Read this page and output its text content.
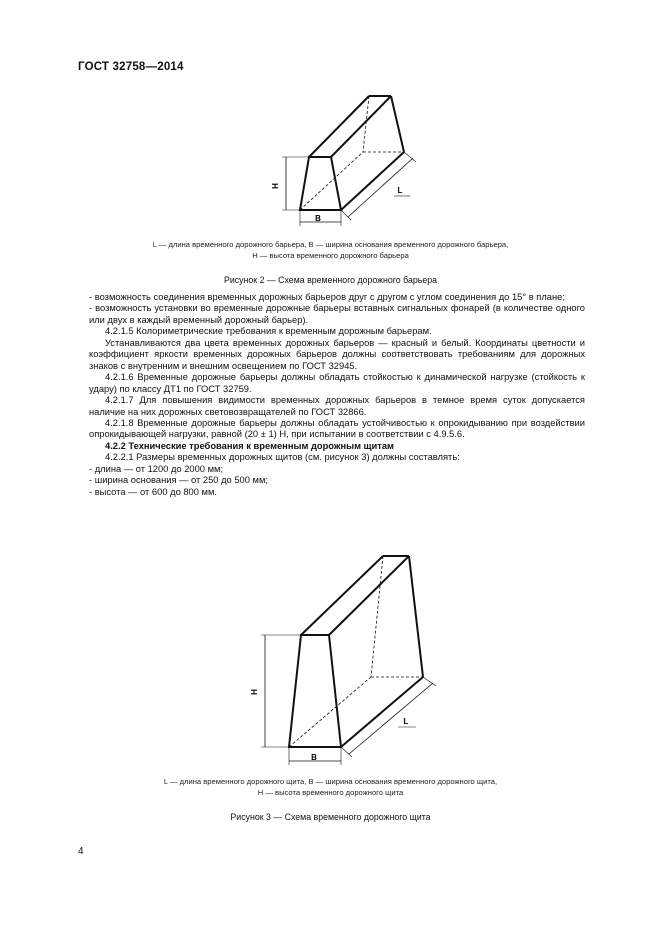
ГОСТ 32758—2014
H
B
L
L — длина временного дорожного барьера, B — ширина основания временного дорожного барьера,
H — высота временного дорожного барьера
Рисунок 2 — Схема временного дорожного барьера

- возможность соединения временных дорожных барьеров друг с другом с углом соединения до 15° в плане;

- возможность установки во временные дорожные барьеры вставных сигнальных фонарей (в количестве одного или двух в каждый временный дорожный барьер).

4.2.1.5 Колориметрические требования к временным дорожным барьерам.

Устанавливаются два цвета временных дорожных барьеров — красный и белый. Координаты цветности и коэффициент яркости временных дорожных барьеров должны соответствовать требованиям для дорожных знаков с внутренним и внешним освещением по ГОСТ 32945.

4.2.1.6 Временные дорожные барьеры должны обладать стойкостью к динамической нагрузке (стойкость к удару) по классу ДТ1 по ГОСТ 32759.

4.2.1.7 Для повышения видимости временных дорожных барьеров в темное время суток допускается наличие на них дорожных световозвращателей по ГОСТ 32866.

4.2.1.8 Временные дорожные барьеры должны обладать устойчивостью к опрокидыванию при воздействии опрокидывающей нагрузки, равной (20 ± 1) Н, при испытании в соответствии с 4.9.5.6.

4.2.2 Технические требования к временным дорожным щитам

4.2.2.1 Размеры временных дорожных щитов (см. рисунок 3) должны составлять:

- длина — от 1200 до 2000 мм;

- ширина основания — от 250 до 500 мм;

- высота — от 600 до 800 мм.

H
B
L
L — длина временного дорожного щита, B — ширина основания временного дорожного щита,
H — высота временного дорожного щита
Рисунок 3 — Схема временного дорожного щита
4
